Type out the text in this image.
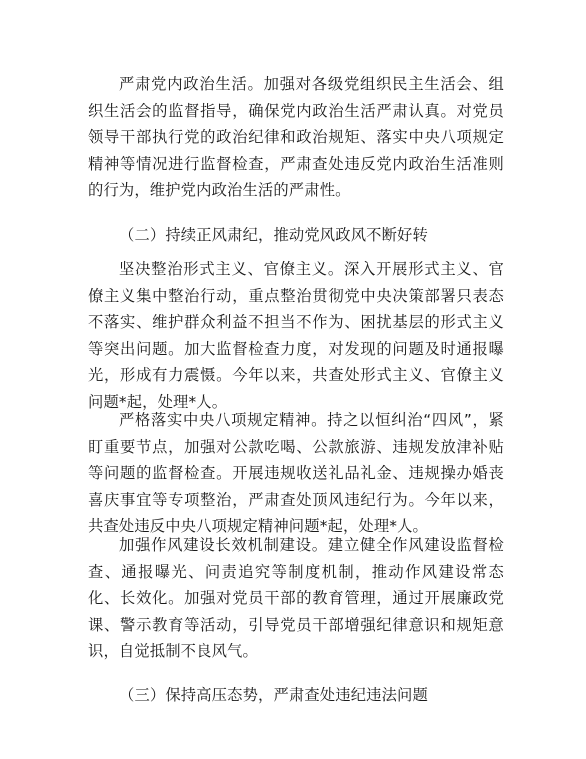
严肃党内政治生活。加强对各级党组织民主生活会、组织生活会的监督指导，确保党内政治生活严肃认真。对党员领导干部执行党的政治纪律和政治规矩、落实中央八项规定精神等情况进行监督检查，严肃查处违反党内政治生活准则的行为，维护党内政治生活的严肃性。

（二）持续正风肃纪，推动党风政风不断好转

坚决整治形式主义、官僚主义。深入开展形式主义、官僚主义集中整治行动，重点整治贯彻党中央决策部署只表态不落实、维护群众利益不担当不作为、困扰基层的形式主义等突出问题。加大监督检查力度，对发现的问题及时通报曝光，形成有力震慑。今年以来，共查处形式主义、官僚主义问题*起，处理*人。

严格落实中央八项规定精神。持之以恒纠治“四风”，紧盯重要节点，加强对公款吃喝、公款旅游、违规发放津补贴等问题的监督检查。开展违规收送礼品礼金、违规操办婚丧喜庆事宜等专项整治，严肃查处顶风违纪行为。今年以来，共查处违反中央八项规定精神问题*起，处理*人。

加强作风建设长效机制建设。建立健全作风建设监督检查、通报曝光、问责追究等制度机制，推动作风建设常态化、长效化。加强对党员干部的教育管理，通过开展廉政党课、警示教育等活动，引导党员干部增强纪律意识和规矩意识，自觉抵制不良风气。

（三）保持高压态势，严肃查处违纪违法问题
